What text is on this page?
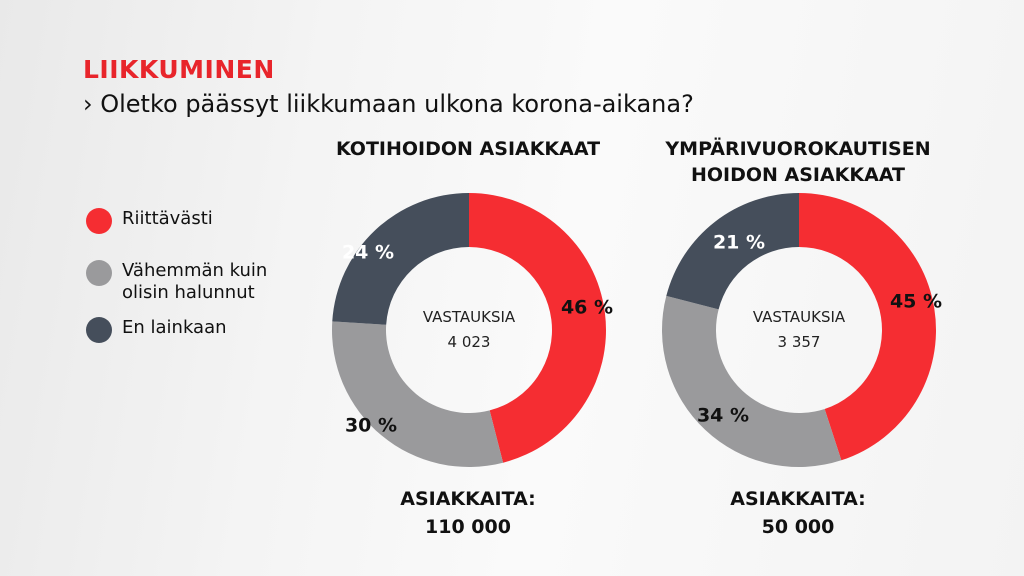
LIIKKUMINEN
› Oletko päässyt liikkumaan ulkona korona-aikana?
Riittävästi
Vähemmän kuin olisin halunnut
En lainkaan
KOTIHOIDON ASIAKKAAT	YMPÄRIVUOROKAUTISEN HOIDON ASIAKKAAT
46 %
30 %
24 %
VASTAUKSIA
4 023
45 %
34 %
21 %
VASTAUKSIA
3 357
ASIAKKAITA:
110 000
ASIAKKAITA:
50 000
